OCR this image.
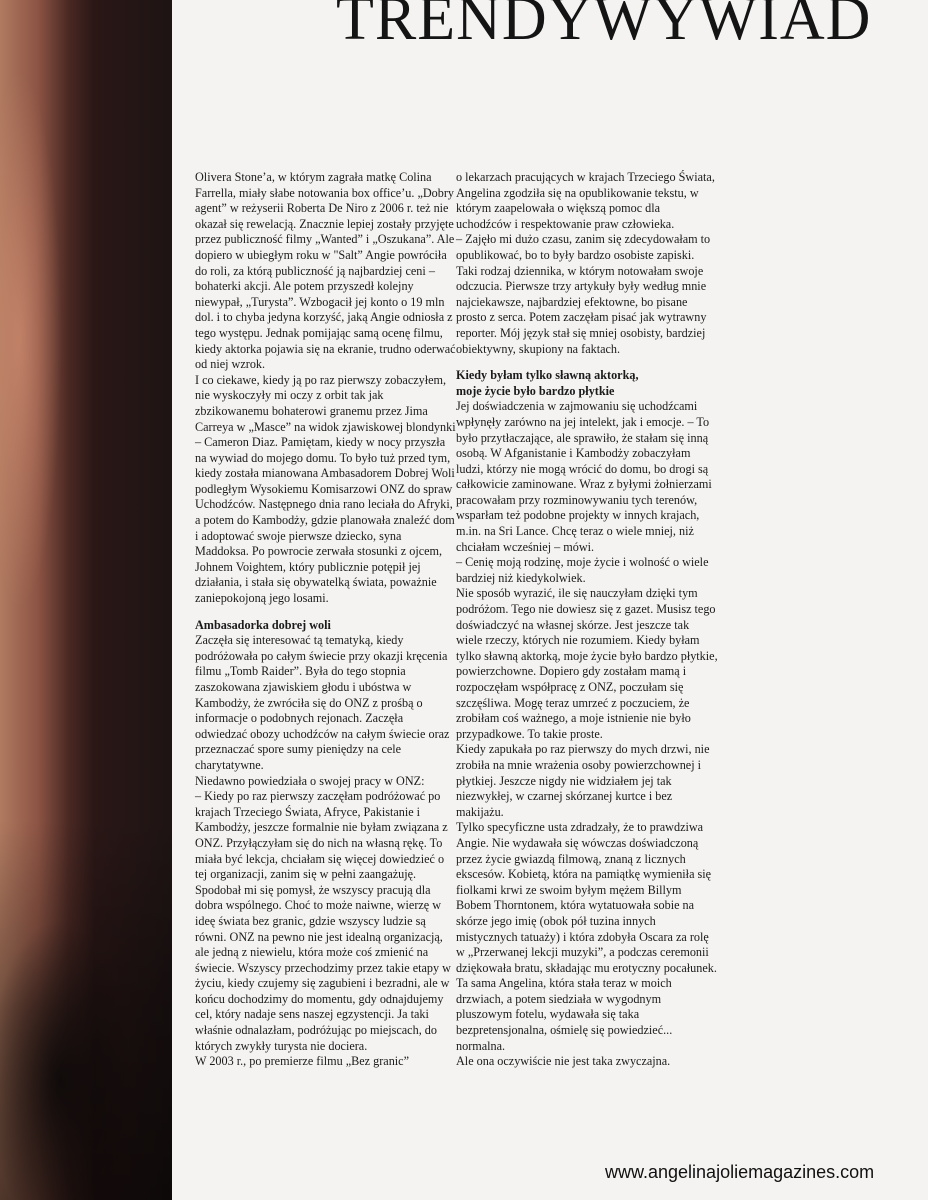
TRENDYWYWIAD

Olivera Stone’a, w którym zagrała matkę Colina Farrella, miały słabe notowania box office’u. „Dobry agent” w reżyserii Roberta De Niro z 2006 r. też nie okazał się rewelacją. Znacznie lepiej zostały przyjęte przez publiczność filmy „Wanted” i „Oszukana”. Ale dopiero w ubiegłym roku w "Salt” Angie powróciła do roli, za którą publiczność ją najbardziej ceni – bohaterki akcji. Ale potem przyszedł kolejny niewypał, „Turysta”. Wzbogacił jej konto o 19 mln dol. i to chyba jedyna korzyść, jaką Angie odniosła z tego występu. Jednak pomijając samą ocenę filmu, kiedy aktorka pojawia się na ekranie, trudno oderwać od niej wzrok.

I co ciekawe, kiedy ją po raz pierwszy zobaczyłem, nie wyskoczyły mi oczy z orbit tak jak zbzikowanemu bohaterowi granemu przez Jima Carreya w „Masce” na widok zjawiskowej blondynki – Cameron Diaz. Pamiętam, kiedy w nocy przyszła na wywiad do mojego domu. To było tuż przed tym, kiedy została mianowana Ambasadorem Dobrej Woli podległym Wysokiemu Komisarzowi ONZ do spraw Uchodźców. Następnego dnia rano leciała do Afryki, a potem do Kambodży, gdzie planowała znaleźć dom i adoptować swoje pierwsze dziecko, syna Maddoksa. Po powrocie zerwała stosunki z ojcem, Johnem Voightem, który publicznie potępił jej działania, i stała się obywatelką świata, poważnie zaniepokojoną jego losami.

Ambasadorka dobrej woli

Zaczęła się interesować tą tematyką, kiedy podróżowała po całym świecie przy okazji kręcenia filmu „Tomb Raider”. Była do tego stopnia zaszokowana zjawiskiem głodu i ubóstwa w Kambodży, że zwróciła się do ONZ z prośbą o informacje o podobnych rejonach. Zaczęła odwiedzać obozy uchodźców na całym świecie oraz przeznaczać spore sumy pieniędzy na cele charytatywne.

Niedawno powiedziała o swojej pracy w ONZ:

– Kiedy po raz pierwszy zaczęłam podróżować po krajach Trzeciego Świata, Afryce, Pakistanie i Kambodży, jeszcze formalnie nie byłam związana z ONZ. Przyłączyłam się do nich na własną rękę. To miała być lekcja, chciałam się więcej dowiedzieć o tej organizacji, zanim się w pełni zaangażuję. Spodobał mi się pomysł, że wszyscy pracują dla dobra wspólnego. Choć to może naiwne, wierzę w ideę świata bez granic, gdzie wszyscy ludzie są równi. ONZ na pewno nie jest idealną organizacją, ale jedną z niewielu, która może coś zmienić na świecie. Wszyscy przechodzimy przez takie etapy w życiu, kiedy czujemy się zagubieni i bezradni, ale w końcu dochodzimy do momentu, gdy odnajdujemy cel, który nadaje sens naszej egzystencji. Ja taki właśnie odnalazłam, podróżując po miejscach, do których zwykły turysta nie dociera.

W 2003 r., po premierze filmu „Bez granic”

o lekarzach pracujących w krajach Trzeciego Świata, Angelina zgodziła się na opublikowanie tekstu, w którym zaapelowała o większą pomoc dla uchodźców i respektowanie praw człowieka.

– Zajęło mi dużo czasu, zanim się zdecydowałam to opublikować, bo to były bardzo osobiste zapiski. Taki rodzaj dziennika, w którym notowałam swoje odczucia. Pierwsze trzy artykuły były według mnie najciekawsze, najbardziej efektowne, bo pisane prosto z serca. Potem zaczęłam pisać jak wytrawny reporter. Mój język stał się mniej osobisty, bardziej obiektywny, skupiony na faktach.

Kiedy byłam tylko sławną aktorką,
moje życie było bardzo płytkie

Jej doświadczenia w zajmowaniu się uchodźcami wpłynęły zarówno na jej intelekt, jak i emocje. – To było przytłaczające, ale sprawiło, że stałam się inną osobą. W Afganistanie i Kambodży zobaczyłam ludzi, którzy nie mogą wrócić do domu, bo drogi są całkowicie zaminowane. Wraz z byłymi żołnierzami pracowałam przy rozminowywaniu tych terenów, wsparłam też podobne projekty w innych krajach, m.in. na Sri Lance. Chcę teraz o wiele mniej, niż chciałam wcześniej – mówi.

– Cenię moją rodzinę, moje życie i wolność o wiele bardziej niż kiedykolwiek.

Nie sposób wyrazić, ile się nauczyłam dzięki tym podróżom. Tego nie dowiesz się z gazet. Musisz tego doświadczyć na własnej skórze. Jest jeszcze tak wiele rzeczy, których nie rozumiem. Kiedy byłam tylko sławną aktorką, moje życie było bardzo płytkie, powierzchowne. Dopiero gdy zostałam mamą i rozpoczęłam współpracę z ONZ, poczułam się szczęśliwa. Mogę teraz umrzeć z poczuciem, że zrobiłam coś ważnego, a moje istnienie nie było przypadkowe. To takie proste.

Kiedy zapukała po raz pierwszy do mych drzwi, nie zrobiła na mnie wrażenia osoby powierzchownej i płytkiej. Jeszcze nigdy nie widziałem jej tak niezwykłej, w czarnej skórzanej kurtce i bez makijażu.

Tylko specyficzne usta zdradzały, że to prawdziwa Angie. Nie wydawała się wówczas doświadczoną przez życie gwiazdą filmową, znaną z licznych ekscesów. Kobietą, która na pamiątkę wymieniła się fiolkami krwi ze swoim byłym mężem Billym Bobem Thorntonem, która wytatuowała sobie na skórze jego imię (obok pół tuzina innych mistycznych tatuaży) i która zdobyła Oscara za rolę w „Przerwanej lekcji muzyki”, a podczas ceremonii dziękowała bratu, składając mu erotyczny pocałunek. Ta sama Angelina, która stała teraz w moich drzwiach, a potem siedziała w wygodnym pluszowym fotelu, wydawała się taka bezpretensjonalna, ośmielę się powiedzieć... normalna.

Ale ona oczywiście nie jest taka zwyczajna.

www.angelinajoliemagazines.com
